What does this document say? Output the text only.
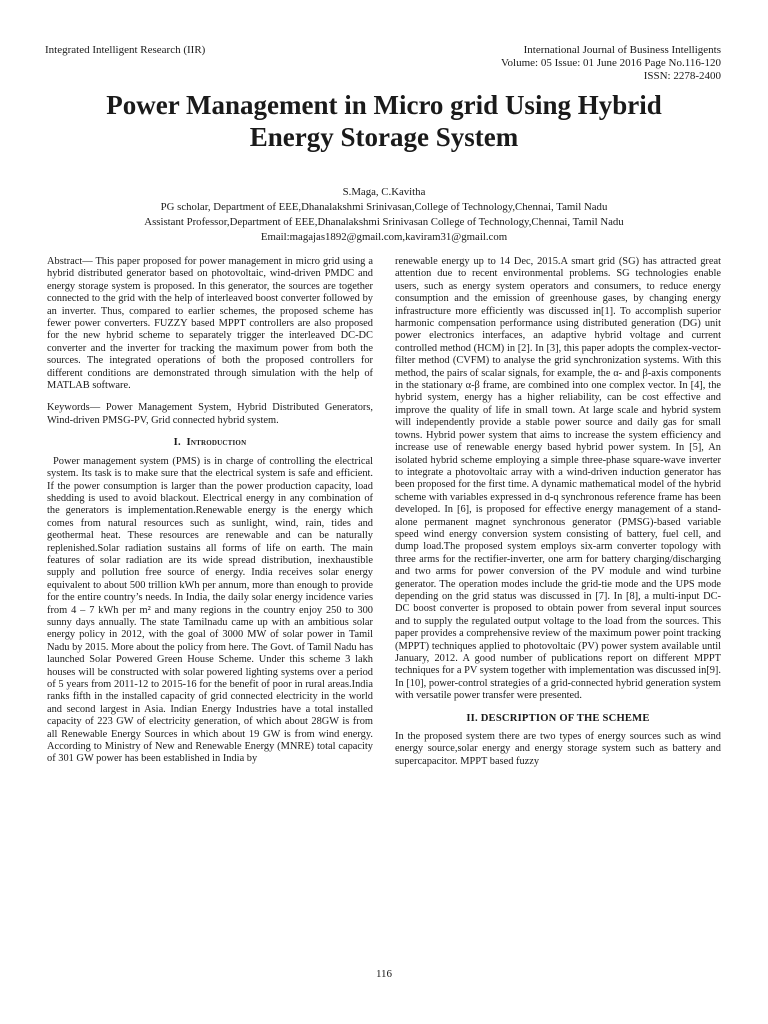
Integrated Intelligent Research (IIR)	International Journal of Business Intelligents
Volume: 05 Issue: 01 June 2016 Page No.116-120
ISSN: 2278-2400
Power Management in Micro grid Using Hybrid
Energy Storage System
S.Maga, C.Kavitha
PG scholar, Department of EEE,Dhanalakshmi Srinivasan,College of Technology,Chennai, Tamil Nadu
Assistant Professor,Department of EEE,Dhanalakshmi Srinivasan College of Technology,Chennai, Tamil Nadu
Email:magajas1892@gmail.com,kaviram31@gmail.com

Abstract— This paper proposed for power management in micro grid using a hybrid distributed generator based on photovoltaic, wind-driven PMDC and energy storage system is proposed. In this generator, the sources are together connected to the grid with the help of interleaved boost converter followed by an inverter. Thus, compared to earlier schemes, the proposed scheme has fewer power converters. FUZZY based MPPT controllers are also proposed for the new hybrid scheme to separately trigger the interleaved DC-DC converter and the inverter for tracking the maximum power from both the sources. The integrated operations of both the proposed controllers for different conditions are demonstrated through simulation with the help of MATLAB software.

Keywords— Power Management System, Hybrid Distributed Generators, Wind-driven PMSG-PV, Grid connected hybrid system.

I. Introduction

Power management system (PMS) is in charge of controlling the electrical system. Its task is to make sure that the electrical system is safe and efficient. If the power consumption is larger than the power production capacity, load shedding is used to avoid blackout. Electrical energy in any combination of the generators is implementation.Renewable energy is the energy which comes from natural resources such as sunlight, wind, rain, tides and geothermal heat. These resources are renewable and can be naturally replenished.Solar radiation sustains all forms of life on earth. The main features of solar radiation are its wide spread distribution, inexhaustible supply and pollution free source of energy. India receives solar energy equivalent to about 500 trillion kWh per annum, more than enough to provide for the entire country’s needs. In India, the daily solar energy incidence varies from 4 – 7 kWh per m² and many regions in the country enjoy 250 to 300 sunny days annually. The state Tamilnadu came up with an ambitious solar energy policy in 2012, with the goal of 3000 MW of solar power in Tamil Nadu by 2015. More about the policy from here. The Govt. of Tamil Nadu has launched Solar Powered Green House Scheme. Under this scheme 3 lakh houses will be constructed with solar powered lighting systems over a period of 5 years from 2011-12 to 2015-16 for the benefit of poor in rural areas.India ranks fifth in the installed capacity of grid connected electricity in the world and second largest in Asia. Indian Energy Industries have a total installed capacity of 223 GW of electricity generation, of which about 28GW is from all Renewable Energy Sources in which about 19 GW is from wind energy. According to Ministry of New and Renewable Energy (MNRE) total capacity of 301 GW power has been established in India by

renewable energy up to 14 Dec, 2015.A smart grid (SG) has attracted great attention due to recent environmental problems. SG technologies enable users, such as energy system operators and consumers, to reduce energy consumption and the emission of greenhouse gases, by changing energy infrastructure more efficiently was discussed in[1]. To accomplish superior harmonic compensation performance using distributed generation (DG) unit power electronics interfaces, an adaptive hybrid voltage and current controlled method (HCM) in [2]. In [3], this paper adopts the complex-vector-filter method (CVFM) to analyse the grid synchronization systems. With this method, the pairs of scalar signals, for example, the α- and β-axis components in the stationary α-β frame, are combined into one complex vector. In [4], the hybrid system, energy has a higher reliability, can be cost effective and improve the quality of life in small town. At large scale and hybrid system will independently provide a stable power source and daily gas for small towns. Hybrid power system that aims to increase the system efficiency and increase use of renewable energy based hybrid power system. In [5], An isolated hybrid scheme employing a simple three-phase square-wave inverter to integrate a photovoltaic array with a wind-driven induction generator has been proposed for the first time. A dynamic mathematical model of the hybrid scheme with variables expressed in d-q synchronous reference frame has been developed. In [6], is proposed for effective energy management of a stand- alone permanent magnet synchronous generator (PMSG)-based variable speed wind energy conversion system consisting of battery, fuel cell, and dump load.The proposed system employs six-arm converter topology with three arms for the rectifier-inverter, one arm for battery charging/discharging and two arms for power conversion of the PV module and wind turbine generator. The operation modes include the grid-tie mode and the UPS mode depending on the grid status was discussed in [7]. In [8], a multi-input DC-DC boost converter is proposed to obtain power from several input sources and to supply the regulated output voltage to the load from the sources. This paper provides a comprehensive review of the maximum power point tracking (MPPT) techniques applied to photovoltaic (PV) power system available until January, 2012. A good number of publications report on different MPPT techniques for a PV system together with implementation was discussed in[9]. In [10], power-control strategies of a grid-connected hybrid generation system with versatile power transfer were presented.

II. DESCRIPTION OF THE SCHEME

In the proposed system there are two types of energy sources such as wind energy source,solar energy and energy storage system such as battery and supercapacitor. MPPT based fuzzy

116
